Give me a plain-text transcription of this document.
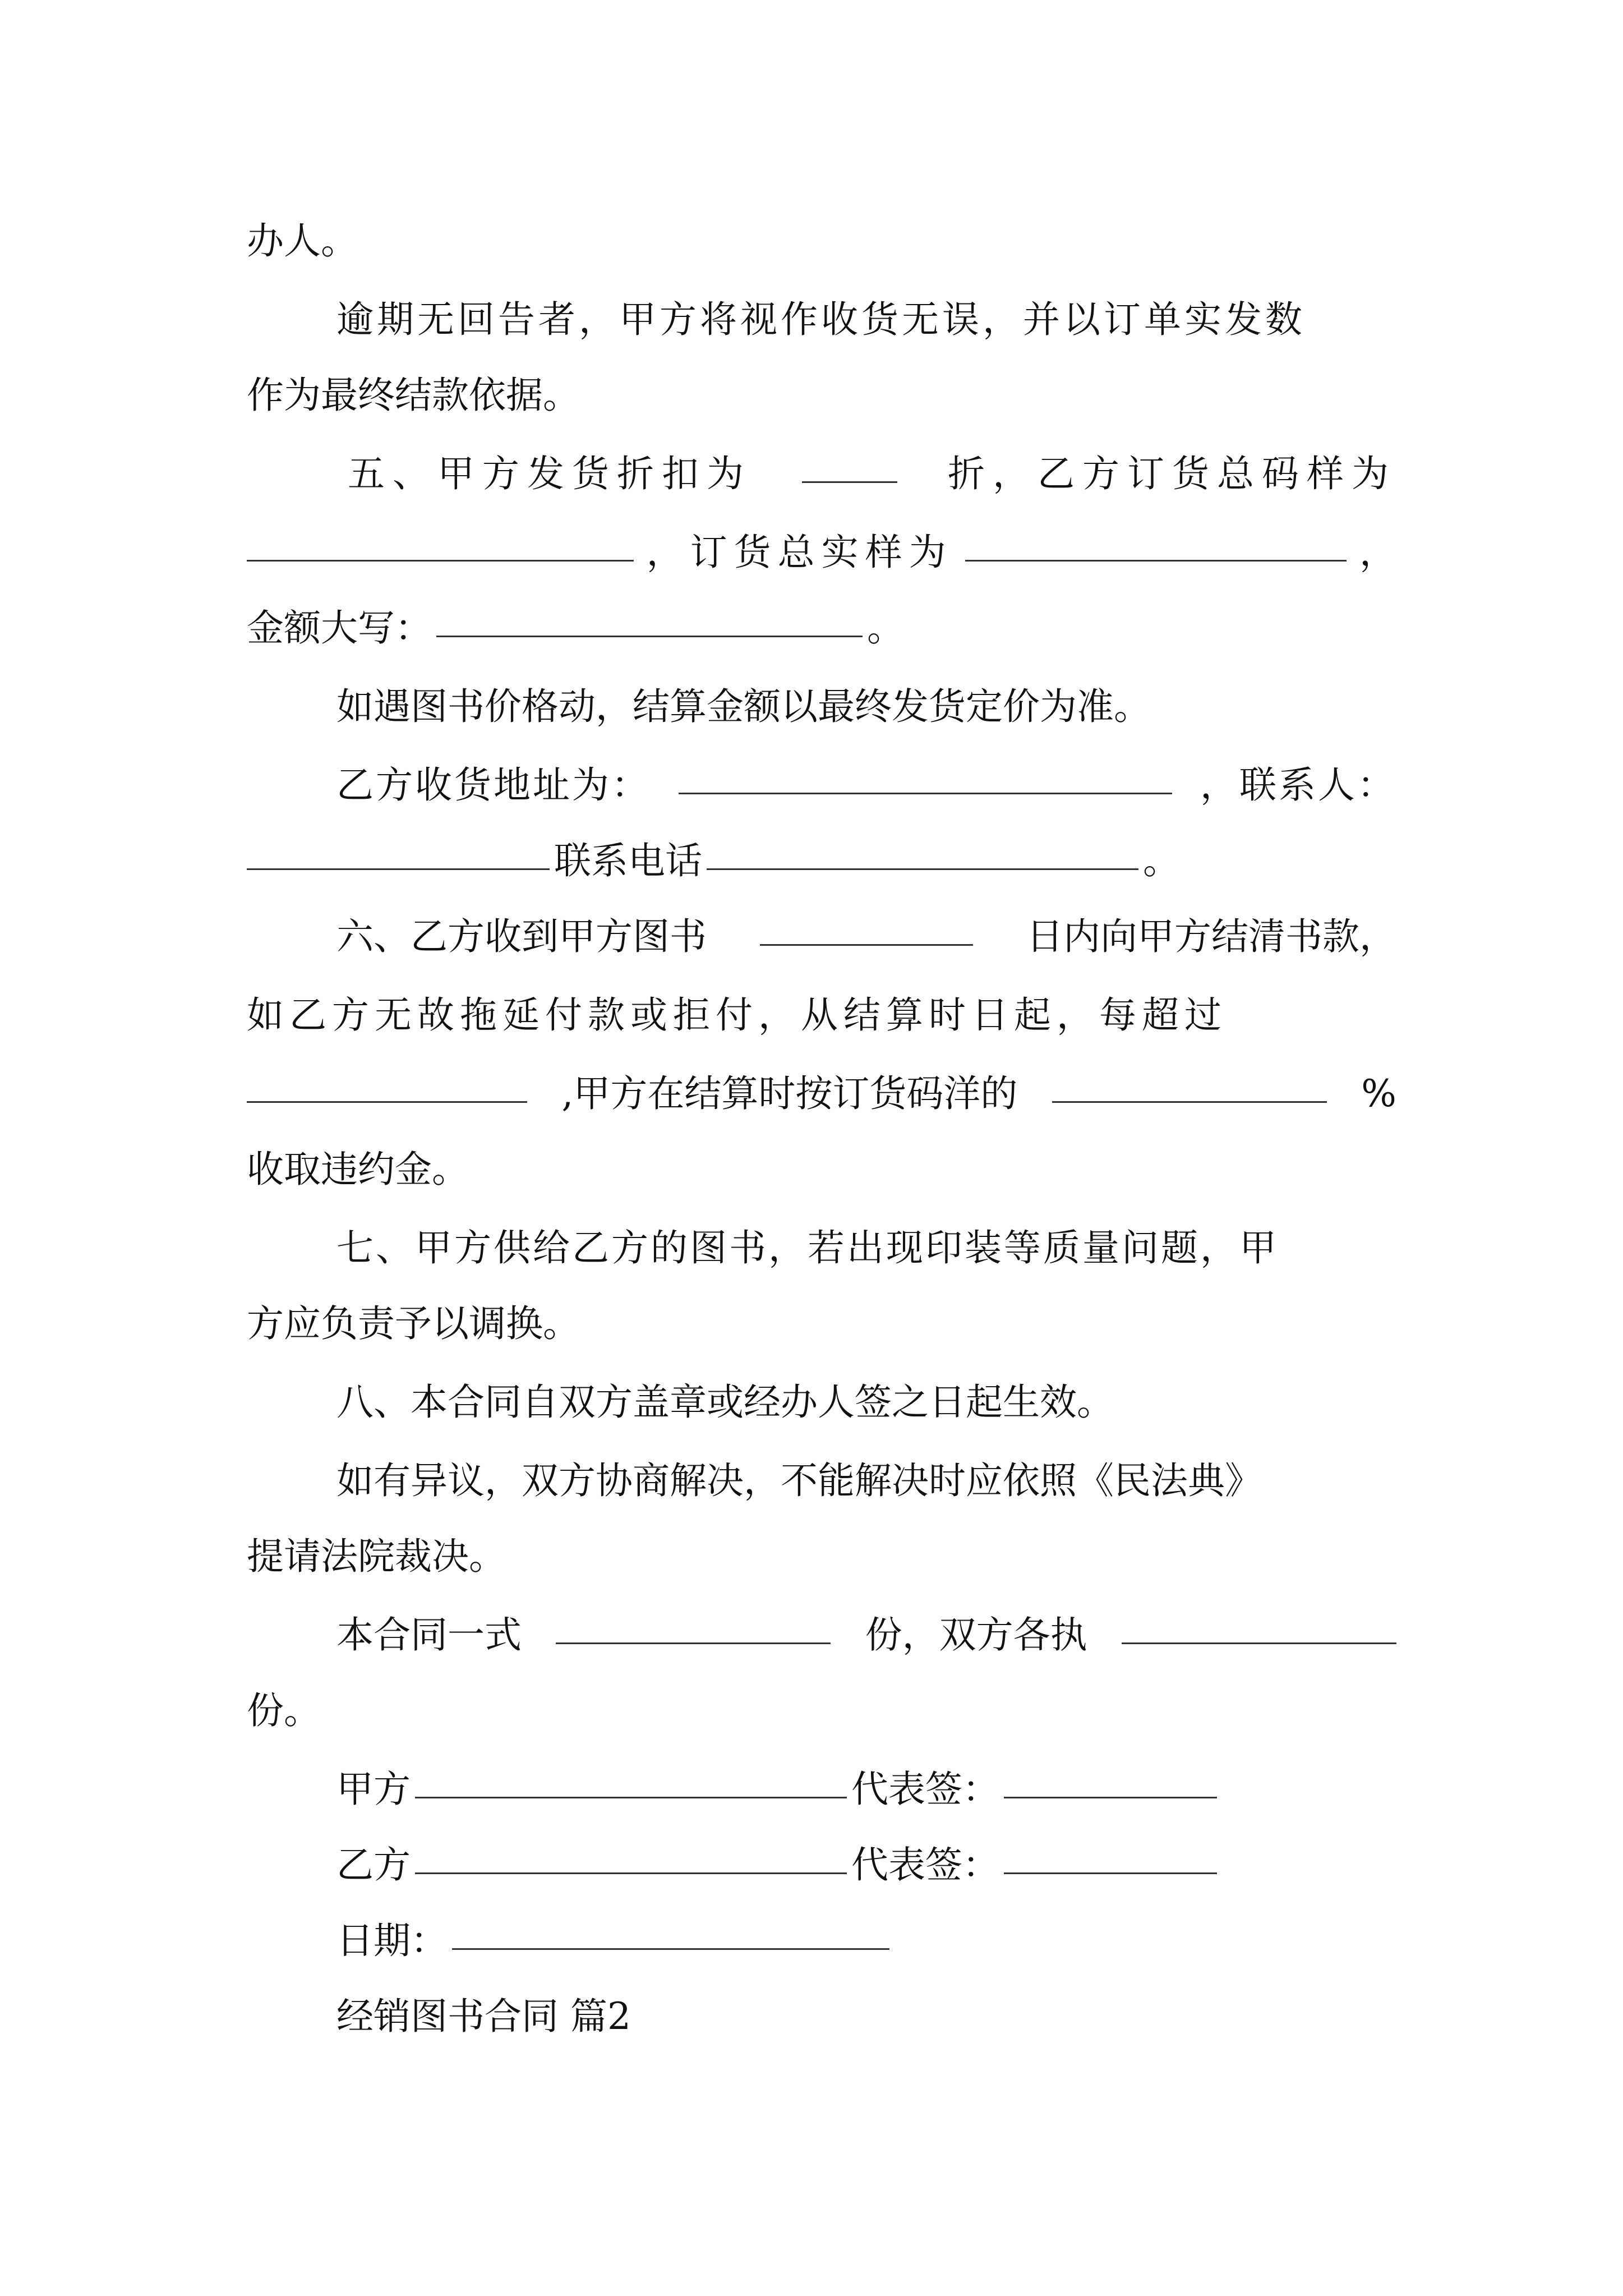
办人。
逾期无回告者，甲方将视作收货无误，并以订单实发数
作为最终结款依据。
五、甲方发货折扣为	折，乙方订货总码样为
，订货总实样为	，
金额大写：	。
如遇图书价格动，结算金额以最终发货定价为准。
乙方收货地址为：	，联系人：
联系电话	。
六、乙方收到甲方图书	日内向甲方结清书款，
如乙方无故拖延付款或拒付，从结算时日起，每超过
,甲方在结算时按订货码洋的	%
收取违约金。
七、甲方供给乙方的图书，若出现印装等质量问题，甲
方应负责予以调换。
八、本合同自双方盖章或经办人签之日起生效。
如有异议，双方协商解决，不能解决时应依照《民法典》
提请法院裁决。
本合同一式	份，双方各执
份。
甲方	代表签：
乙方	代表签：
日期：
经销图书合同 篇2
